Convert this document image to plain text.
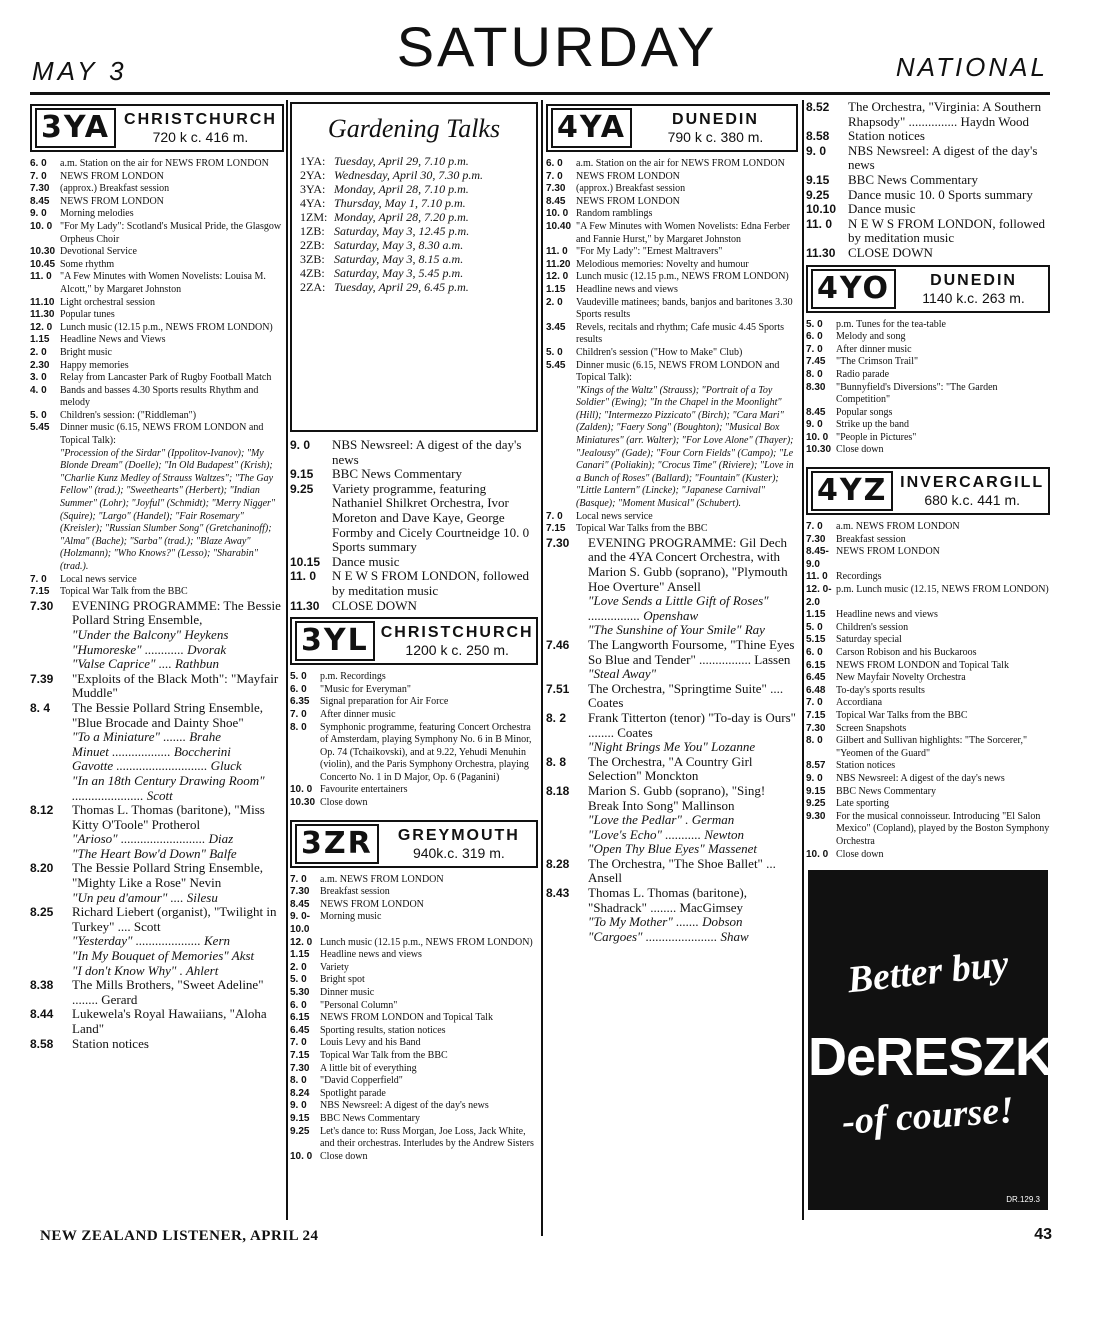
MAY 3	SATURDAY	NATIONAL
3YA CHRISTCHURCH
720 k c. 416 m.
6. 0	a.m. Station on the air for NEWS FROM LONDON
7. 0	NEWS FROM LONDON
7.30	(approx.) Breakfast session
8.45	NEWS FROM LONDON
9. 0	Morning melodies
10. 0 "For My Lady": Scotland's Musical Pride, the Glasgow Orpheus Choir
10.30 Devotional Service
10.45 Some rhythm
11. 0 "A Few Minutes with Women Novelists: Louisa M. Alcott," by Margaret Johnston
11.10 Light orchestral session
11.30 Popular tunes
12. 0 Lunch music (12.15 p.m., NEWS FROM LONDON)
1.15	Headline News and Views
2. 0	Bright music
2.30	Happy memories
3. 0	Relay from Lancaster Park of Rugby Football Match
4. 0	Bands and basses 4.30 Sports results Rhythm and melody
5. 0	Children's session: ("Riddleman")
5.45	Dinner music (6.15, NEWS FROM LONDON and Topical Talk):
"Procession of the Sirdar" (Ippolitov-Ivanov); "My Blonde Dream" (Doelle); "In Old Budapest" (Krish); "Charlie Kunz Medley of Strauss Waltzes"; "The Gay Fellow" (trad.); "Sweethearts" (Herbert); "Indian Summer" (Lohr); "Joyful" (Schmidt); "Merry Nigger" (Squire); "Largo" (Handel); "Fair Rosemary" (Kreisler); "Russian Slumber Song" (Gretchaninoff); "Alma" (Bache); "Sarba" (trad.); "Blaze Away" (Holzmann); "Who Knows?" (Lesso); "Sharabin" (trad.).
7. 0	Local news service
7.15	Topical War Talk from the BBC
7.30	EVENING PROGRAMME: The Bessie Pollard String Ensemble,
"Under the Balcony" Heykens
"Humoreske" ............ Dvorak
"Valse Caprice" .... Rathbun
7.39	"Exploits of the Black Moth": "Mayfair Muddle"
8. 4	The Bessie Pollard String Ensemble, "Blue Brocade and Dainty Shoe"
"To a Miniature" ....... Brahe
Minuet .................. Boccherini
Gavotte ............................ Gluck
"In an 18th Century Drawing Room" ...................... Scott
8.12	Thomas L. Thomas (baritone), "Miss Kitty O'Toole" Protherol
"Arioso" .......................... Diaz
"The Heart Bow'd Down" Balfe
8.20	The Bessie Pollard String Ensemble, "Mighty Like a Rose" Nevin
"Un peu d'amour" .... Silesu
8.25	Richard Liebert (organist), "Twilight in Turkey" .... Scott
"Yesterday" .................... Kern
"In My Bouquet of Memories" Akst
"I don't Know Why" . Ahlert
8.38	The Mills Brothers, "Sweet Adeline" ........ Gerard
8.44	Lukewela's Royal Hawaiians, "Aloha Land"
8.58	Station notices
Gardening Talks
1YA: Tuesday, April 29, 7.10 p.m.
2YA: Wednesday, April 30, 7.30 p.m.
3YA: Monday, April 28, 7.10 p.m.
4YA: Thursday, May 1, 7.10 p.m.
1ZM: Monday, April 28, 7.20 p.m.
1ZB: Saturday, May 3, 12.45 p.m.
2ZB: Saturday, May 3, 8.30 a.m.
3ZB: Saturday, May 3, 8.15 a.m.
4ZB: Saturday, May 3, 5.45 p.m.
2ZA: Tuesday, April 29, 6.45 p.m.
9. 0	NBS Newsreel: A digest of the day's news
9.15	BBC News Commentary
9.25	Variety programme, featuring Nathaniel Shilkret Orchestra, Ivor Moreton and Dave Kaye, George Formby and Cicely Courtneidge 10. 0 Sports summary
10.15 Dance music
11. 0	N E W S FROM LONDON, followed by meditation music
11.30 CLOSE DOWN
3YL CHRISTCHURCH
1200 k c. 250 m.
5. 0	p.m. Recordings
6. 0	"Music for Everyman"
6.35	Signal preparation for Air Force
7. 0	After dinner music
8. 0	Symphonic programme, featuring Concert Orchestra of Amsterdam, playing Symphony No. 6 in B Minor, Op. 74 (Tchaikovski), and at 9.22, Yehudi Menuhin (violin), and the Paris Symphony Orchestra, playing Concerto No. 1 in D Major, Op. 6 (Paganini)
10. 0 Favourite entertainers
10.30 Close down
3ZR	GREYMOUTH
940k.c. 319 m.
7. 0	a.m. NEWS FROM LONDON
7.30	Breakfast session
8.45	NEWS FROM LONDON
9. 0-10.0
Morning music
12. 0 Lunch music (12.15 p.m., NEWS FROM LONDON)
1.15	Headline news and views
2. 0	Variety
5. 0	Bright spot
5.30	Dinner music
6. 0	"Personal Column"
6.15	NEWS FROM LONDON and Topical Talk
6.45	Sporting results, station notices
7. 0	Louis Levy and his Band
7.15	Topical War Talk from the BBC
7.30	A little bit of everything
8. 0	"David Copperfield"
8.24	Spotlight parade
9. 0	NBS Newsreel: A digest of the day's news
9.15	BBC News Commentary
9.25	Let's dance to: Russ Morgan, Joe Loss, Jack White, and their orchestras. Interludes by the Andrew Sisters
10. 0 Close down
4YA	DUNEDIN
790 k c. 380 m.
6. 0	a.m. Station on the air for NEWS FROM LONDON
7. 0	NEWS FROM LONDON
7.30	(approx.) Breakfast session
8.45	NEWS FROM LONDON
10. 0 Random ramblings
10.40 "A Few Minutes with Women Novelists: Edna Ferber and Fannie Hurst," by Margaret Johnston
11. 0 "For My Lady": "Ernest Maltravers"
11.20 Melodious memories: Novelty and humour
12. 0 Lunch music (12.15 p.m., NEWS FROM LONDON)
1.15	Headline news and views
2. 0	Vaudeville matinees; bands, banjos and baritones 3.30 Sports results
3.45	Revels, recitals and rhythm; Cafe music 4.45 Sports results
5. 0	Children's session ("How to Make" Club)
5.45	Dinner music (6.15, NEWS FROM LONDON and Topical Talk):
"Kings of the Waltz" (Strauss); "Portrait of a Toy Soldier" (Ewing); "In the Chapel in the Moonlight" (Hill); "Intermezzo Pizzicato" (Birch); "Cara Mari" (Zalden); "Faery Song" (Boughton); "Musical Box Miniatures" (arr. Walter); "For Love Alone" (Thayer); "Jealousy" (Gade); "Four Corn Fields" (Campo); "Le Canari" (Poliakin); "Crocus Time" (Riviere); "Love in a Bunch of Roses" (Ballard); "Fountain" (Kuster); "Little Lantern" (Lincke); "Japanese Carnival" (Basque); "Moment Musical" (Schubert).
7. 0	Local news service
7.15	Topical War Talks from the BBC
7.30	EVENING PROGRAMME: Gil Dech and the 4YA Concert Orchestra, with Marion S. Gubb (soprano), "Plymouth Hoe Overture" Ansell
"Love Sends a Little Gift of Roses" ................ Openshaw
"The Sunshine of Your Smile" Ray
7.46	The Langworth Foursome, "Thine Eyes So Blue and Tender" ................ Lassen
"Steal Away"
7.51	The Orchestra, "Springtime Suite" .... Coates
8. 2	Frank Titterton (tenor) "To-day is Ours" ........ Coates
"Night Brings Me You" Lozanne
8. 8	The Orchestra, "A Country Girl Selection" Monckton
8.18	Marion S. Gubb (soprano), "Sing! Break Into Song" Mallinson
"Love the Pedlar" . German
"Love's Echo" ........... Newton
"Open Thy Blue Eyes" Massenet
8.28	The Orchestra, "The Shoe Ballet" ... Ansell
8.43	Thomas L. Thomas (baritone), "Shadrack" ........ MacGimsey
"To My Mother" ....... Dobson
"Cargoes" ...................... Shaw
8.52	The Orchestra, "Virginia: A Southern Rhapsody" ............... Haydn Wood
8.58	Station notices
9. 0	NBS Newsreel: A digest of the day's news
9.15	BBC News Commentary
9.25	Dance music 10. 0 Sports summary
10.10 Dance music
11. 0	N E W S FROM LONDON, followed by meditation music
11.30 CLOSE DOWN
4YO	DUNEDIN
1140 k.c. 263 m.
5. 0	p.m. Tunes for the tea-table
6. 0	Melody and song
7. 0	After dinner music
7.45	"The Crimson Trail"
8. 0	Radio parade
8.30	"Bunnyfield's Diversions": "The Garden Competition"
8.45	Popular songs
9. 0	Strike up the band
10. 0 "People in Pictures"
10.30 Close down
4YZ INVERCARGILL
680 k.c. 441 m.
7. 0	a.m. NEWS FROM LONDON
7.30	Breakfast session
8.45-9.0
NEWS FROM LONDON
11. 0 Recordings
12. 0-2.0
p.m. Lunch music (12.15, NEWS FROM LONDON)
1.15	Headline news and views
5. 0	Children's session
5.15	Saturday special
6. 0	Carson Robison and his Buckaroos
6.15	NEWS FROM LONDON and Topical Talk
6.45	New Mayfair Novelty Orchestra
6.48	To-day's sports results
7. 0	Accordiana
7.15	Topical War Talks from the BBC
7.30	Screen Snapshots
8. 0	Gilbert and Sullivan highlights: "The Sorcerer," "Yeomen of the Guard"
8.57	Station notices
9. 0	NBS Newsreel: A digest of the day's news
9.15	BBC News Commentary
9.25	Late sporting
9.30	For the musical connoisseur. Introducing "El Salon Mexico" (Copland), played by the Boston Symphony Orchestra
10. 0 Close down
Better buy
DeRESZKE
-of course!
DR.129.3
NEW ZEALAND LISTENER, APRIL 24	43
